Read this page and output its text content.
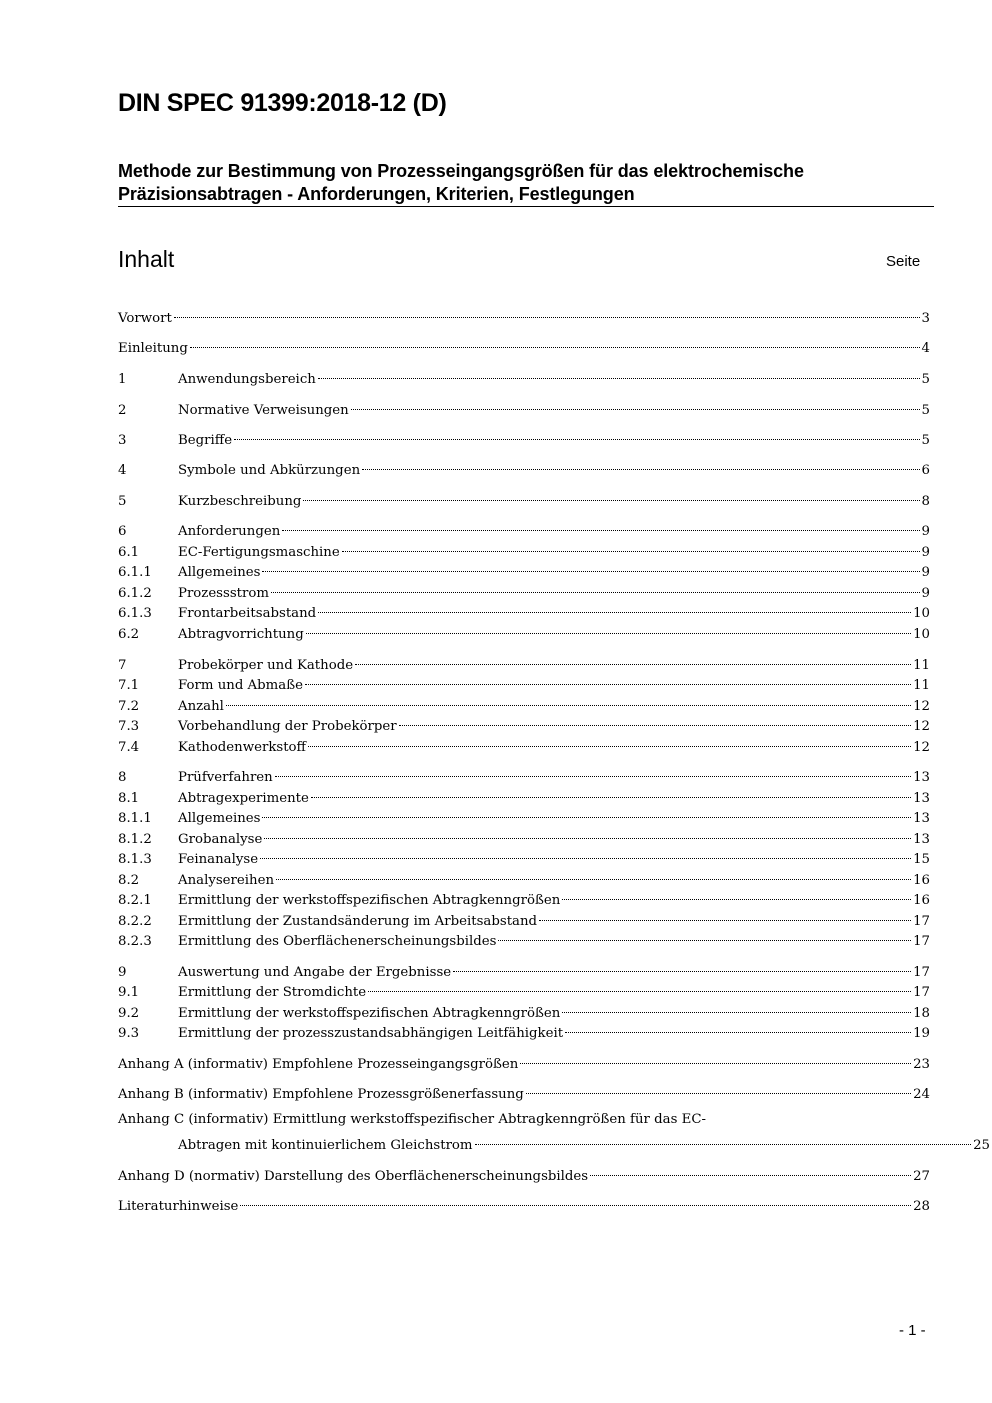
DIN SPEC 91399:2018-12 (D)
Methode zur Bestimmung von Prozesseingangsgrößen für das elektrochemische
Präzisionsabtragen - Anforderungen, Kriterien, Festlegungen
Inhalt	Seite
Vorwort	3
Einleitung	4
1	Anwendungsbereich	5
2	Normative Verweisungen	5
3	Begriffe	5
4	Symbole und Abkürzungen	6
5	Kurzbeschreibung	8
6	Anforderungen	9
6.1	EC-Fertigungsmaschine	9
6.1.1	Allgemeines	9
6.1.2	Prozessstrom	9
6.1.3	Frontarbeitsabstand	10
6.2	Abtragvorrichtung	10
7	Probekörper und Kathode	11
7.1	Form und Abmaße	11
7.2	Anzahl	12
7.3	Vorbehandlung der Probekörper	12
7.4	Kathodenwerkstoff	12
8	Prüfverfahren	13
8.1	Abtragexperimente	13
8.1.1	Allgemeines	13
8.1.2	Grobanalyse	13
8.1.3	Feinanalyse	15
8.2	Analysereihen	16
8.2.1	Ermittlung der werkstoffspezifischen Abtragkenngrößen	16
8.2.2	Ermittlung der Zustandsänderung im Arbeitsabstand	17
8.2.3	Ermittlung des Oberflächenerscheinungsbildes	17
9	Auswertung und Angabe der Ergebnisse	17
9.1	Ermittlung der Stromdichte	17
9.2	Ermittlung der werkstoffspezifischen Abtragkenngrößen	18
9.3	Ermittlung der prozesszustandsabhängigen Leitfähigkeit	19
Anhang A (informativ) Empfohlene Prozesseingangsgrößen	23
Anhang B (informativ) Empfohlene Prozessgrößenerfassung	24
Anhang C (informativ) Ermittlung werkstoffspezifischer Abtragkenngrößen für das EC-
Abtragen mit kontinuierlichem Gleichstrom	25
Anhang D (normativ) Darstellung des Oberflächenerscheinungsbildes	27
Literaturhinweise	28
- 1 -
